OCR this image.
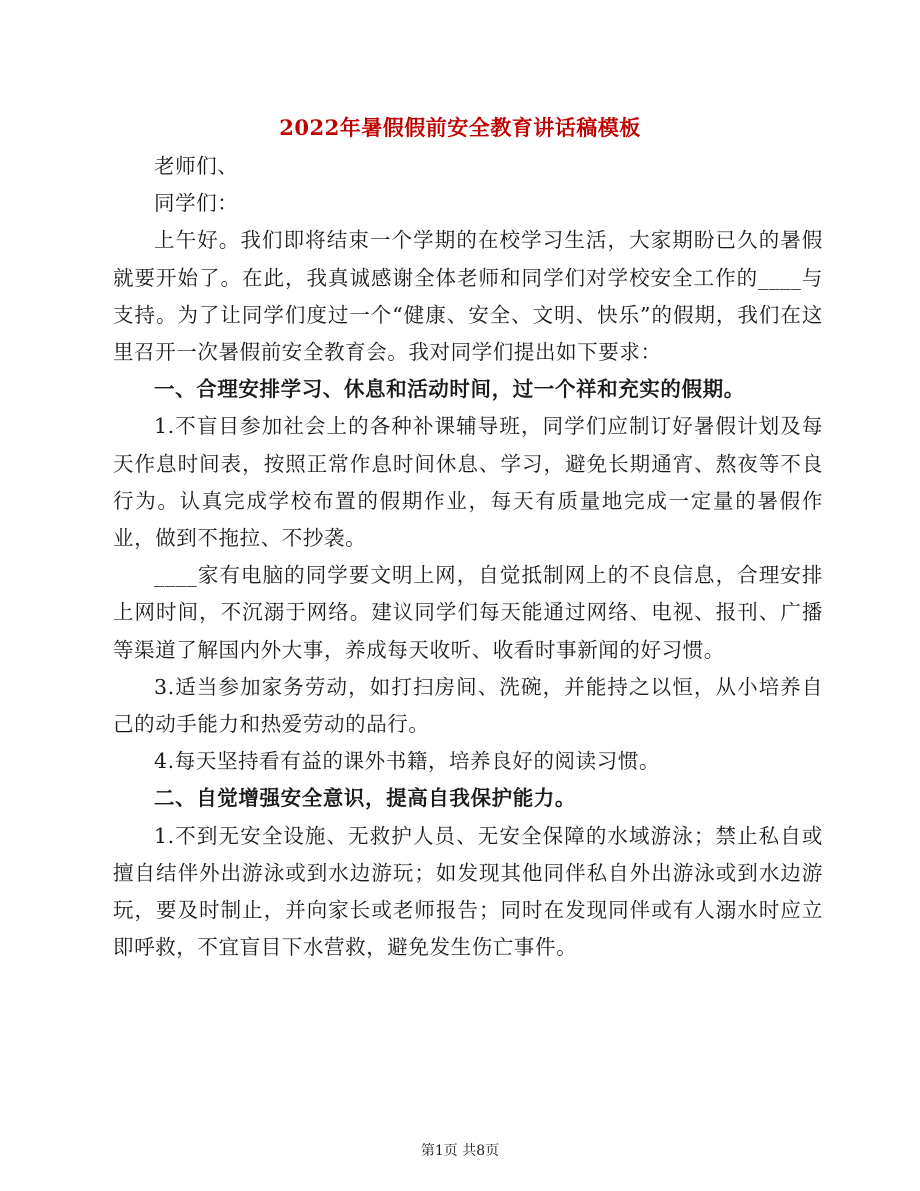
2022年暑假假前安全教育讲话稿模板

老师们、

同学们：

上午好。我们即将结束一个学期的在校学习生活，大家期盼已久的暑假就要开始了。在此，我真诚感谢全体老师和同学们对学校安全工作的____与支持。为了让同学们度过一个“健康、安全、文明、快乐”的假期，我们在这里召开一次暑假前安全教育会。我对同学们提出如下要求：

一、合理安排学习、休息和活动时间，过一个祥和充实的假期。

1.不盲目参加社会上的各种补课辅导班，同学们应制订好暑假计划及每天作息时间表，按照正常作息时间休息、学习，避免长期通宵、熬夜等不良行为。认真完成学校布置的假期作业，每天有质量地完成一定量的暑假作业，做到不拖拉、不抄袭。

____家有电脑的同学要文明上网，自觉抵制网上的不良信息，合理安排上网时间，不沉溺于网络。建议同学们每天能通过网络、电视、报刊、广播等渠道了解国内外大事，养成每天收听、收看时事新闻的好习惯。

3.适当参加家务劳动，如打扫房间、洗碗，并能持之以恒，从小培养自己的动手能力和热爱劳动的品行。

4.每天坚持看有益的课外书籍，培养良好的阅读习惯。

二、自觉增强安全意识，提高自我保护能力。

1.不到无安全设施、无救护人员、无安全保障的水域游泳；禁止私自或擅自结伴外出游泳或到水边游玩；如发现其他同伴私自外出游泳或到水边游玩，要及时制止，并向家长或老师报告；同时在发现同伴或有人溺水时应立即呼救，不宜盲目下水营救，避免发生伤亡事件。

第1页 共8页
